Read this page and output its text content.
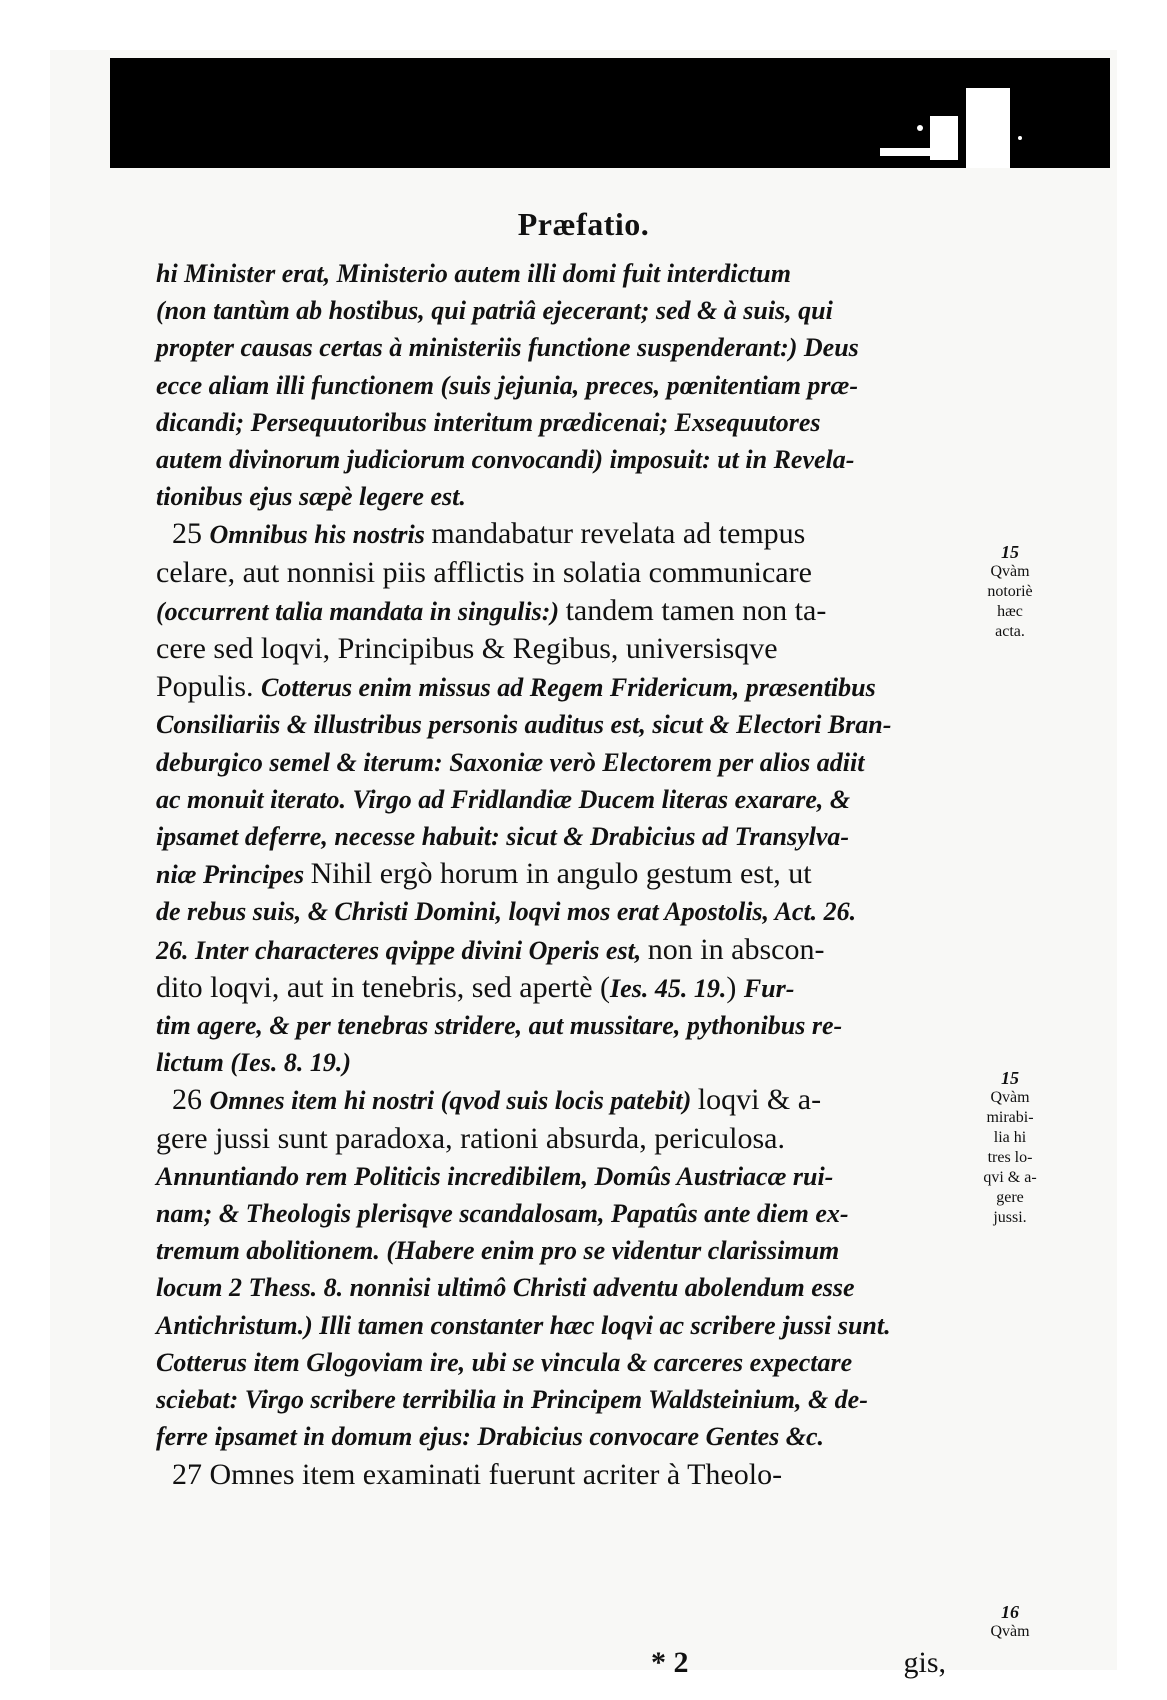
Præfatio.
hi Minister erat, Ministerio autem illi domi fuit interdictum
(non tantùm ab hostibus, qui patriâ ejecerant; sed & à suis, qui
propter causas certas à ministeriis functione suspenderant:) Deus
ecce aliam illi functionem (suis jejunia, preces, pœnitentiam præ-
dicandi; Persequutoribus interitum prædicenai; Exsequutores
autem divinorum judiciorum convocandi) imposuit: ut in Revela-
tionibus ejus sæpè legere est.
25 Omnibus his nostris mandabatur revelata ad tempus
celare, aut nonnisi piis afflictis in solatia communicare
(occurrent talia mandata in singulis:) tandem tamen non ta-
cere sed loqvi, Principibus & Regibus, universisqve
Populis. Cotterus enim missus ad Regem Fridericum, præsentibus
Consiliariis & illustribus personis auditus est, sicut & Electori Bran-
deburgico semel & iterum: Saxoniæ verò Electorem per alios adiit
ac monuit iterato. Virgo ad Fridlandiæ Ducem literas exarare, &
ipsamet deferre, necesse habuit: sicut & Drabicius ad Transylva-
niæ Principes Nihil ergò horum in angulo gestum est, ut
de rebus suis, & Christi Domini, loqvi mos erat Apostolis, Act. 26.
26. Inter characteres qvippe divini Operis est, non in abscon-
dito loqvi, aut in tenebris, sed apertè (Ies. 45. 19.) Fur-
tim agere, & per tenebras stridere, aut mussitare, pythonibus re-
lictum (Ies. 8. 19.)
26 Omnes item hi nostri (qvod suis locis patebit) loqvi & a-
gere jussi sunt paradoxa, rationi absurda, periculosa.
Annuntiando rem Politicis incredibilem, Domûs Austriacæ rui-
nam; & Theologis plerisqve scandalosam, Papatûs ante diem ex-
tremum abolitionem. (Habere enim pro se videntur clarissimum
locum 2 Thess. 8. nonnisi ultimô Christi adventu abolendum esse
Antichristum.) Illi tamen constanter hæc loqvi ac scribere jussi sunt.
Cotterus item Glogoviam ire, ubi se vincula & carceres expectare
sciebat: Virgo scribere terribilia in Principem Waldsteinium, & de-
ferre ipsamet in domum ejus: Drabicius convocare Gentes &c.
27 Omnes item examinati fuerunt acriter à Theolo-
* 2	gis,
15
Qvàm
notoriè
hæc
acta.
15
Qvàm
mirabi-
lia hi
tres lo-
qvi & a-
gere
jussi.
16
Qvàm
